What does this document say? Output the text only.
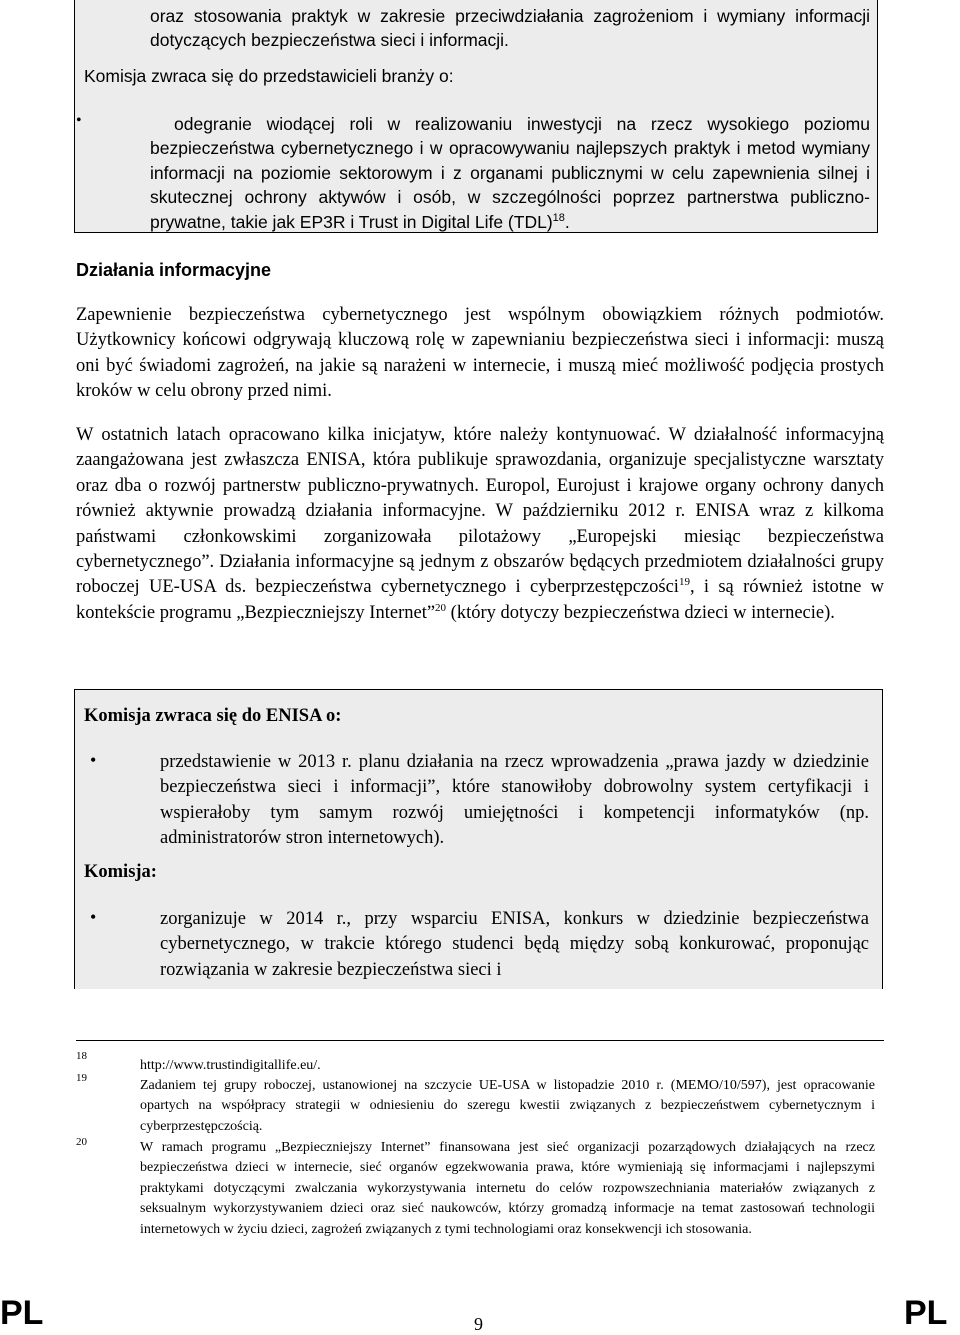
oraz stosowania praktyk w zakresie przeciwdziałania zagrożeniom i wymiany informacji dotyczących bezpieczeństwa sieci i informacji.

Komisja zwraca się do przedstawicieli branży o:

•	odegranie wiodącej roli w realizowaniu inwestycji na rzecz wysokiego poziomu bezpieczeństwa cybernetycznego i w opracowywaniu najlepszych praktyk i metod wymiany informacji na poziomie sektorowym i z organami publicznymi w celu zapewnienia silnej i skutecznej ochrony aktywów i osób, w szczególności poprzez partnerstwa publiczno-prywatne, takie jak EP3R i Trust in Digital Life (TDL)$^{18}$.

Działania informacyjne

Zapewnienie bezpieczeństwa cybernetycznego jest wspólnym obowiązkiem różnych podmiotów. Użytkownicy końcowi odgrywają kluczową rolę w zapewnianiu bezpieczeństwa sieci i informacji: muszą oni być świadomi zagrożeń, na jakie są narażeni w internecie, i muszą mieć możliwość podjęcia prostych kroków w celu obrony przed nimi.

W ostatnich latach opracowano kilka inicjatyw, które należy kontynuować. W działalność informacyjną zaangażowana jest zwłaszcza ENISA, która publikuje sprawozdania, organizuje specjalistyczne warsztaty oraz dba o rozwój partnerstw publiczno-prywatnych. Europol, Eurojust i krajowe organy ochrony danych również aktywnie prowadzą działania informacyjne. W październiku 2012 r. ENISA wraz z kilkoma państwami członkowskimi zorganizowała pilotażowy „Europejski miesiąc bezpieczeństwa cybernetycznego”. Działania informacyjne są jednym z obszarów będących przedmiotem działalności grupy roboczej UE-USA ds. bezpieczeństwa cybernetycznego i cyberprzestępczości$^{19}$, i są również istotne w kontekście programu „Bezpieczniejszy Internet”$^{20}$ (który dotyczy bezpieczeństwa dzieci w internecie).

Komisja zwraca się do ENISA o:

•	przedstawienie w 2013 r. planu działania na rzecz wprowadzenia „prawa jazdy w dziedzinie bezpieczeństwa sieci i informacji”, które stanowiłoby dobrowolny system certyfikacji i wspierałoby tym samym rozwój umiejętności i kompetencji informatyków (np. administratorów stron internetowych).

Komisja:

•	zorganizuje w 2014 r., przy wsparciu ENISA, konkurs w dziedzinie bezpieczeństwa cybernetycznego, w trakcie którego studenci będą między sobą konkurować, proponując rozwiązania w zakresie bezpieczeństwa sieci i

18
http://www.trustindigitallife.eu/.
19	Zadaniem tej grupy roboczej, ustanowionej na szczycie UE-USA w listopadzie 2010 r. (MEMO/10/597), jest opracowanie opartych na współpracy strategii w odniesieniu do szeregu kwestii związanych z bezpieczeństwem cybernetycznym i cyberprzestępczością.
20	W ramach programu „Bezpieczniejszy Internet” finansowana jest sieć organizacji pozarządowych działających na rzecz bezpieczeństwa dzieci w internecie, sieć organów egzekwowania prawa, które wymieniają się informacjami i najlepszymi praktykami dotyczącymi zwalczania wykorzystywania internetu do celów rozpowszechniania materiałów związanych z seksualnym wykorzystywaniem dzieci oraz sieć naukowców, którzy gromadzą informacje na temat zastosowań technologii internetowych w życiu dzieci, zagrożeń związanych z tymi technologiami oraz konsekwencji ich stosowania.
PL	9	PL
